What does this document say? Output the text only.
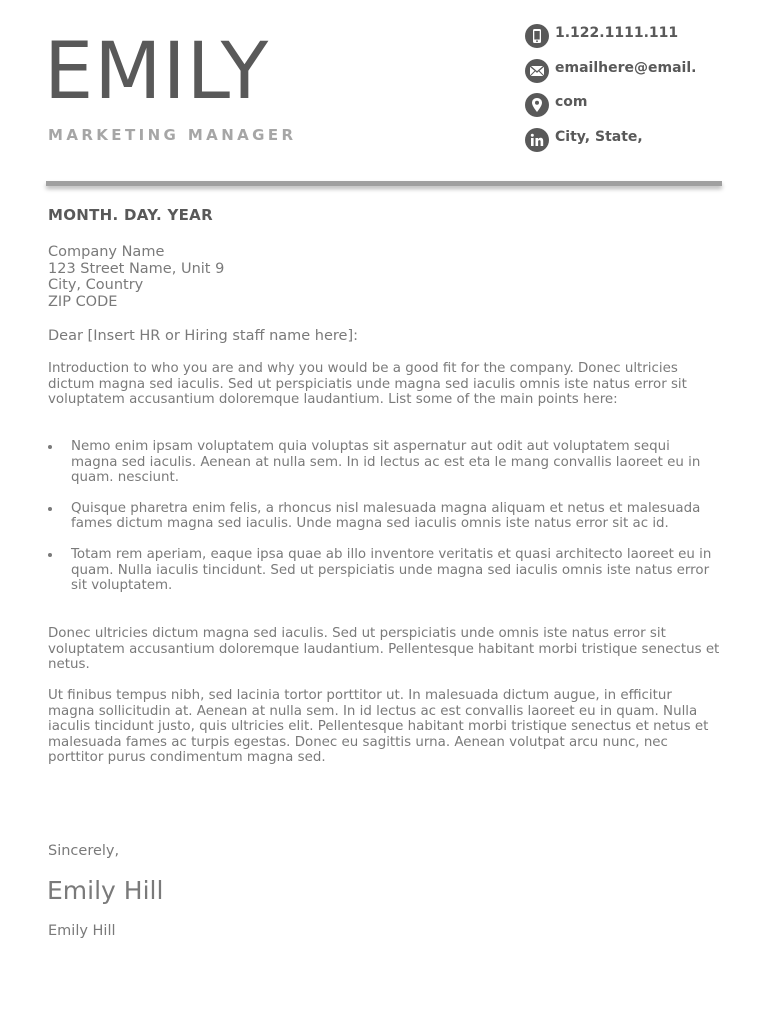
EMILY
MARKETING MANAGER
1.122.1111.111
emailhere@email.
com
City, State,
MONTH. DAY. YEAR
Company Name
123 Street Name, Unit 9
City, Country
ZIP CODE
Dear [Insert HR or Hiring staff name here]:

Introduction to who you are and why you would be a good fit for the company. Donec ultricies dictum magna sed iaculis. Sed ut perspiciatis unde magna sed iaculis omnis iste natus error sit voluptatem accusantium doloremque laudantium. List some of the main points here:

Nemo enim ipsam voluptatem quia voluptas sit aspernatur aut odit aut voluptatem sequi magna sed iaculis. Aenean at nulla sem. In id lectus ac est eta le mang convallis laoreet eu in quam. nesciunt.
Quisque pharetra enim felis, a rhoncus nisl malesuada magna aliquam et netus et malesuada fames dictum magna sed iaculis. Unde magna sed iaculis omnis iste natus error sit ac id.
Totam rem aperiam, eaque ipsa quae ab illo inventore veritatis et quasi architecto laoreet eu in quam. Nulla iaculis tincidunt. Sed ut perspiciatis unde magna sed iaculis omnis iste natus error sit voluptatem.

Donec ultricies dictum magna sed iaculis. Sed ut perspiciatis unde omnis iste natus error sit voluptatem accusantium doloremque laudantium. Pellentesque habitant morbi tristique senectus et netus.

Ut finibus tempus nibh, sed lacinia tortor porttitor ut. In malesuada dictum augue, in efficitur magna sollicitudin at. Aenean at nulla sem. In id lectus ac est convallis laoreet eu in quam. Nulla iaculis tincidunt justo, quis ultricies elit. Pellentesque habitant morbi tristique senectus et netus et malesuada fames ac turpis egestas. Donec eu sagittis urna. Aenean volutpat arcu nunc, nec porttitor purus condimentum magna sed.

Sincerely,
Emily Hill
Emily Hill
